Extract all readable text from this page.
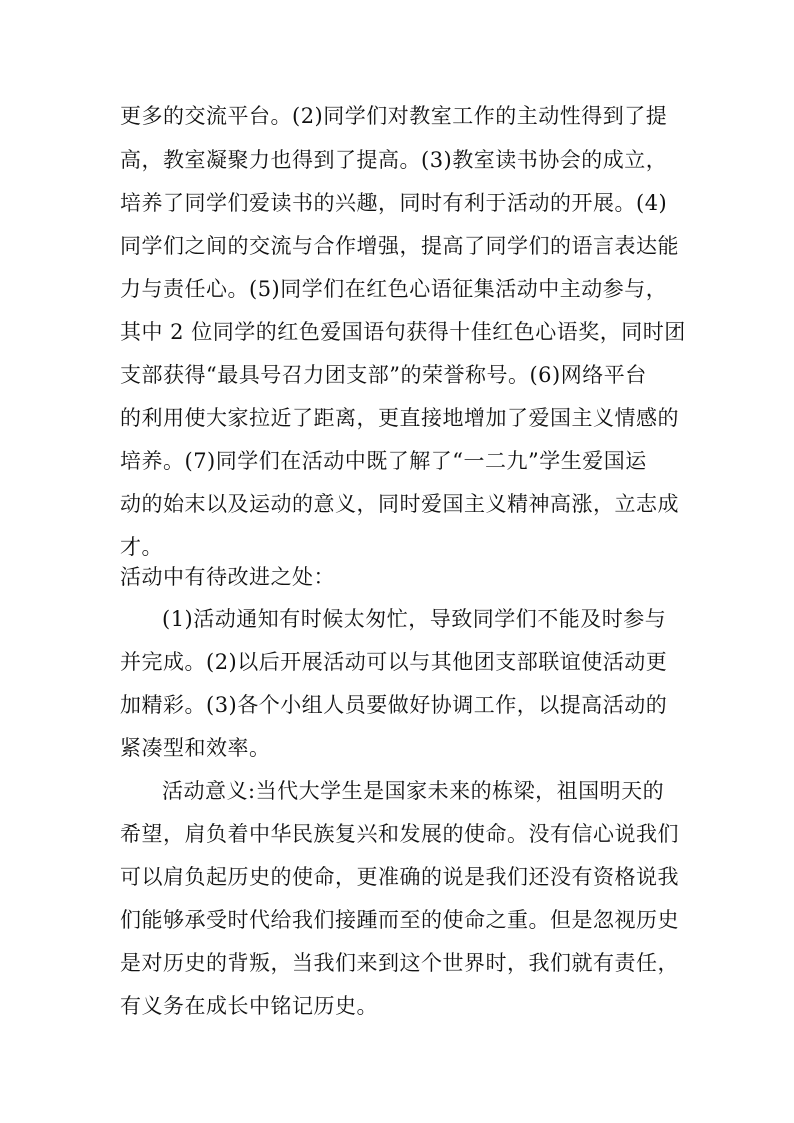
更多的交流平台。(2)同学们对教室工作的主动性得到了提

高，教室凝聚力也得到了提高。(3)教室读书协会的成立，

培养了同学们爱读书的兴趣，同时有利于活动的开展。(4)

同学们之间的交流与合作增强，提高了同学们的语言表达能

力与责任心。(5)同学们在红色心语征集活动中主动参与，

其中 2 位同学的红色爱国语句获得十佳红色心语奖，同时团

支部获得“最具号召力团支部”的荣誉称号。(6)网络平台

的利用使大家拉近了距离，更直接地增加了爱国主义情感的

培养。(7)同学们在活动中既了解了“一二九”学生爱国运

动的始末以及运动的意义，同时爱国主义精神高涨，立志成

才。

活动中有待改进之处：

(1)活动通知有时候太匆忙，导致同学们不能及时参与

并完成。(2)以后开展活动可以与其他团支部联谊使活动更

加精彩。(3)各个小组人员要做好协调工作，以提高活动的

紧凑型和效率。

活动意义:当代大学生是国家未来的栋梁，祖国明天的

希望，肩负着中华民族复兴和发展的使命。没有信心说我们

可以肩负起历史的使命，更准确的说是我们还没有资格说我

们能够承受时代给我们接踵而至的使命之重。但是忽视历史

是对历史的背叛，当我们来到这个世界时，我们就有责任，

有义务在成长中铭记历史。
